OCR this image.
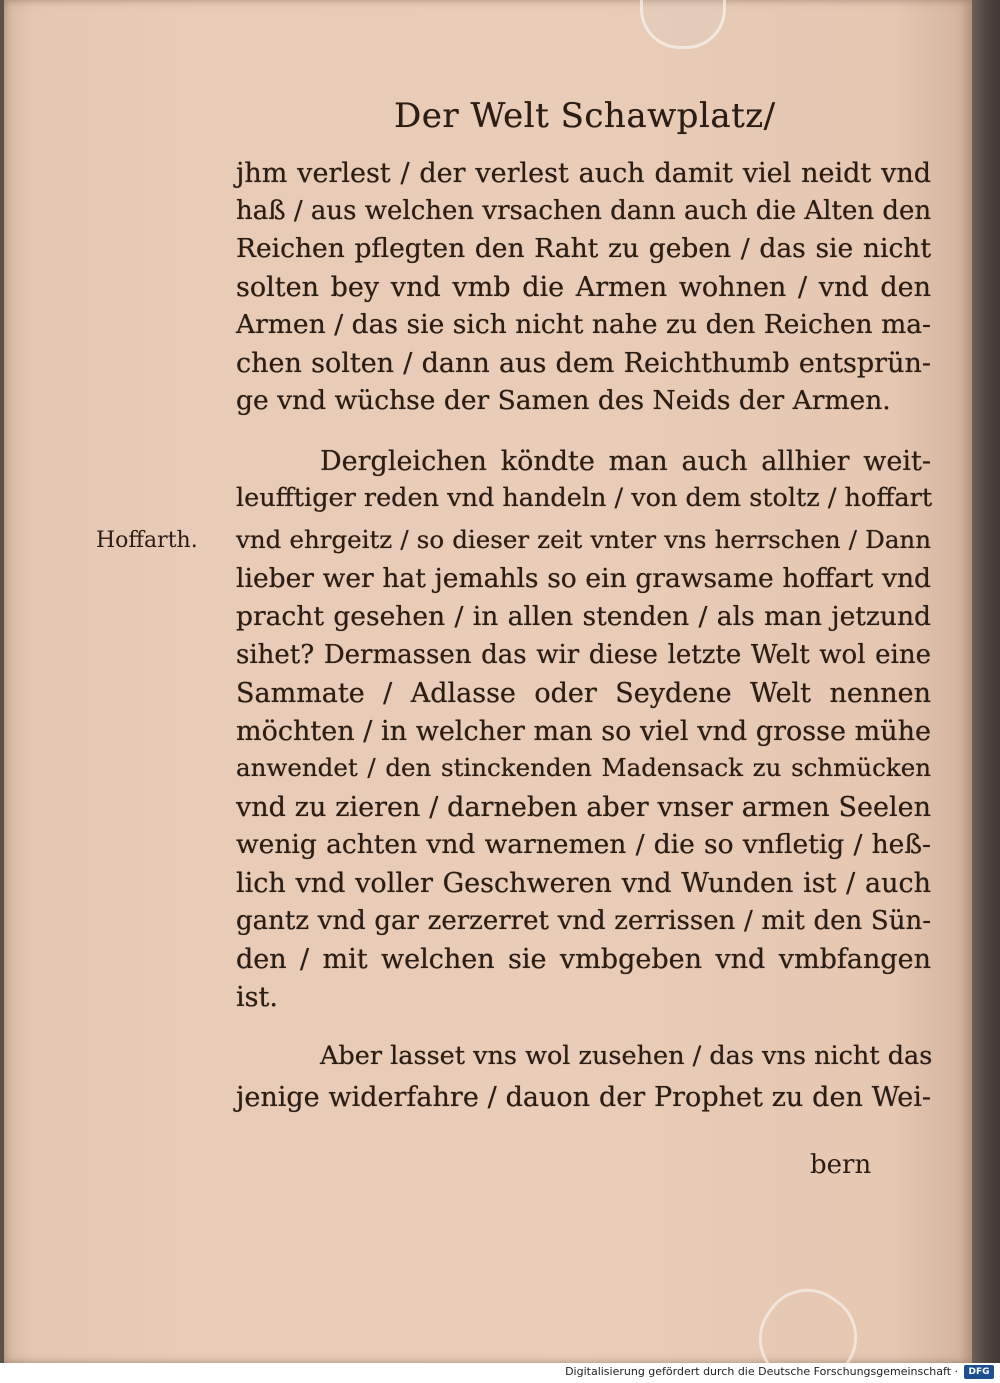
Der Welt Schawplatz/
Hoffarth.
jhm verlest / der verlest auch damit viel neidt vnd
haß / aus welchen vrsachen dann auch die Alten den
Reichen pflegten den Raht zu geben / das sie nicht
solten bey vnd vmb die Armen wohnen / vnd den
Armen / das sie sich nicht nahe zu den Reichen ma-
chen solten / dann aus dem Reichthumb entsprün-
ge vnd wüchse der Samen des Neids der Armen.
Dergleichen köndte man auch allhier weit-
leufftiger reden vnd handeln / von dem stoltz / hoffart
vnd ehrgeitz / so dieser zeit vnter vns herrschen / Dann
lieber wer hat jemahls so ein grawsame hoffart vnd
pracht gesehen / in allen stenden / als man jetzund
sihet? Dermassen das wir diese letzte Welt wol eine
Sammate / Adlasse oder Seydene Welt nennen
möchten / in welcher man so viel vnd grosse mühe
anwendet / den stinckenden Madensack zu schmücken
vnd zu zieren / darneben aber vnser armen Seelen
wenig achten vnd warnemen / die so vnfletig / heß-
lich vnd voller Geschweren vnd Wunden ist / auch
gantz vnd gar zerzerret vnd zerrissen / mit den Sün-
den / mit welchen sie vmbgeben vnd vmbfangen
ist.
Aber lasset vns wol zusehen / das vns nicht das
jenige widerfahre / dauon der Prophet zu den Wei-
bern
Digitalisierung gefördert durch die Deutsche Forschungsgemeinschaft ·	DFG
